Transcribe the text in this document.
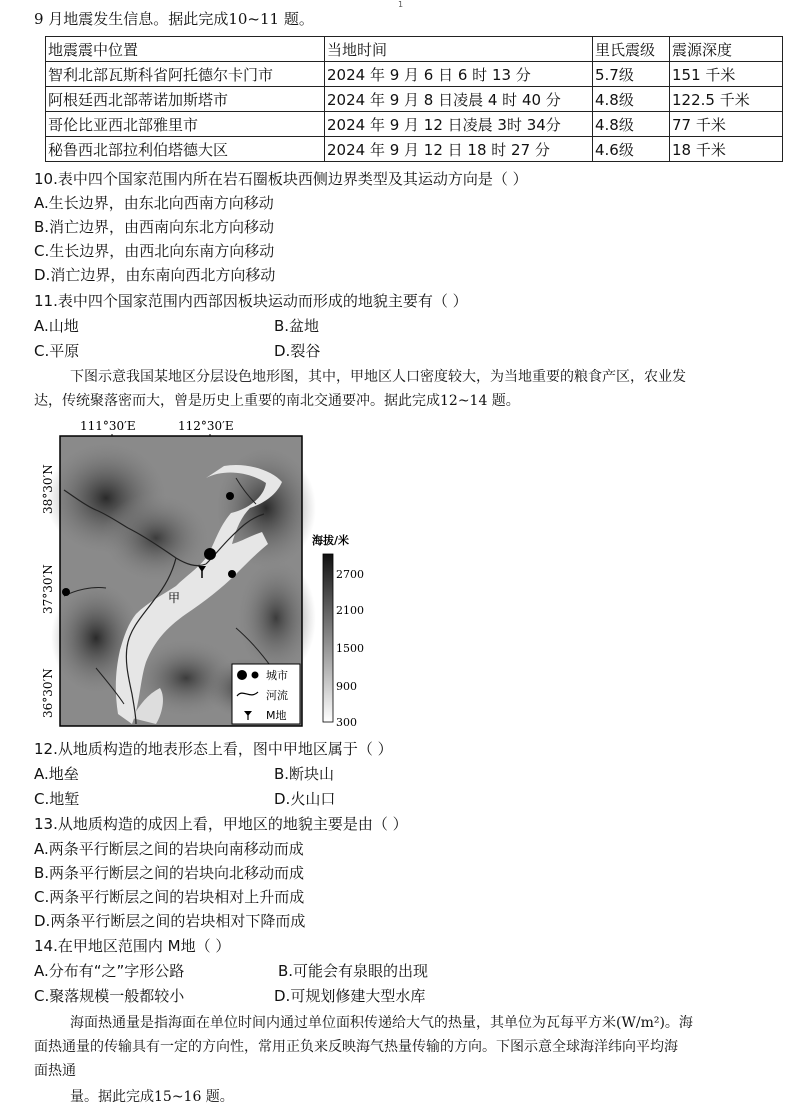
1
9 月地震发生信息。据此完成10~11 题。
地震震中位置	当地时间	里氏震级	震源深度
智利北部瓦斯科省阿托德尔卡门市	2024 年 9 月 6 日 6 时 13 分	5.7级	151 千米
阿根廷西北部蒂诺加斯塔市	2024 年 9 月 8 日凌晨 4 时 40 分	4.8级	122.5 千米
哥伦比亚西北部雅里市	2024 年 9 月 12 日凌晨 3时 34分	4.8级	77 千米
秘鲁西北部拉利伯塔德大区	2024 年 9 月 12 日 18 时 27 分	4.6级	18 千米
10.表中四个国家范围内所在岩石圈板块西侧边界类型及其运动方向是（ ）
A.生长边界，由东北向西南方向移动
B.消亡边界，由西南向东北方向移动
C.生长边界，由西北向东南方向移动
D.消亡边界，由东南向西北方向移动
11.表中四个国家范围内西部因板块运动而形成的地貌主要有（ ）
A.山地	B.盆地
C.平原	D.裂谷
下图示意我国某地区分层设色地形图，其中，甲地区人口密度较大，为当地重要的粮食产区，农业发
达，传统聚落密而大，曾是历史上重要的南北交通要冲。据此完成12~14 题。
111°30′E	112°30′E
甲
38°30′N
37°30′N
36°30′N	城市
河流
M地
海拔/米
2700
2100
1500
900
300
12.从地质构造的地表形态上看，图中甲地区属于（ ）
A.地垒	B.断块山
C.地堑	D.火山口
13.从地质构造的成因上看，甲地区的地貌主要是由（ ）
A.两条平行断层之间的岩块向南移动而成
B.两条平行断层之间的岩块向北移动而成
C.两条平行断层之间的岩块相对上升而成
D.两条平行断层之间的岩块相对下降而成
14.在甲地区范围内 M地（ ）
A.分布有“之”字形公路	B.可能会有泉眼的出现
C.聚落规模一般都较小	D.可规划修建大型水库
海面热通量是指海面在单位时间内通过单位面积传递给大气的热量，其单位为瓦每平方米(W/m²)。海
面热通量的传输具有一定的方向性，常用正负来反映海气热量传输的方向。下图示意全球海洋纬向平均海
面热通
量。据此完成15~16 题。
